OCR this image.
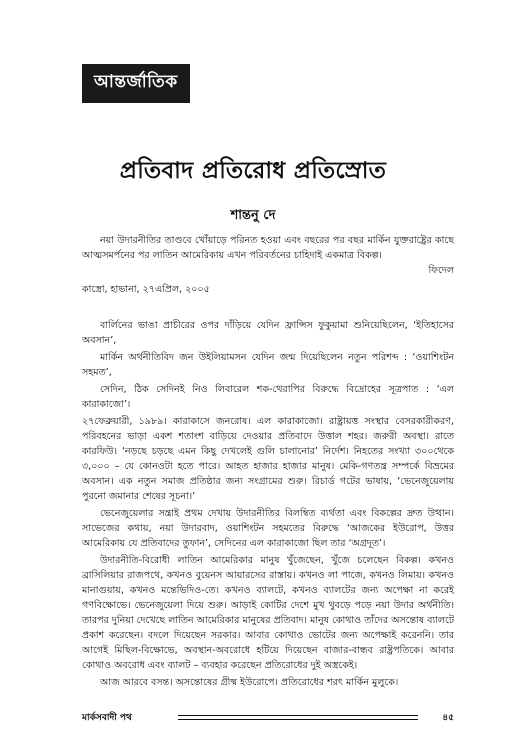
আন্তর্জাতিক
প্রতিবাদ প্রতিরোধ প্রতিস্রোত
শান্তনু দে

নয়া উদারনীতির তাণ্ডবে খোঁয়াড়ে পরিনত হওয়া এবং বছরের পর বছর মার্কিন যুক্তরাষ্ট্রের কাছে আত্মসমর্পনের পর লাতিন আমেরিকায় এখন পরিবর্তনের চাহিদাই একমাত্র বিকল্প।

ফিদেল

কাস্ত্রো, হাভানা, ২৭এপ্রিল, ২০০৫

বার্লিনের ভাঙা প্রাচীরের ওপর দাঁড়িয়ে যেদিন ফ্রান্সিস ফুকুয়ামা শুনিয়েছিলেন, ‘ইতিহাসের অবসান’,

মার্কিন অর্থনীতিবিদ জন উইলিয়ামসন যেদিন জন্ম দিয়েছিলেন নতুন পরিশব্দ : ‘ওয়াশিংটন সহমত’,

সেদিন, ঠিক সেদিনই নিও লিবারেল শক-থেরাপির বিরুদ্ধে বিদ্রোহের সূত্রপাত : ‘এল কারাকাজো’।

২৭ফেব্রুয়ারী, ১৯৮৯। কারাকাসে জনরোষ। এল কারাকাজো। রাষ্ট্রায়ত্ত সংস্থার বেসরকারীকরণ, পরিবহনের ভাড়া একশ শতাংশ বাড়িয়ে দেওয়ার প্রতিবাদে উত্তাল শহর। জরুরী অবস্থা। রাতে কারফিউ। ‘নড়ছে চড়ছে এমন কিছু দেখলেই গুলি চালানোর’ নির্দেশ। নিহতের সংখ্যা ৩০০থেকে ৩,০০০ – যে কোনওটা হতে পারে। আহত হাজার হাজার মানুষ। মেকি-গণতন্ত্র সম্পর্কে বিভ্রমের অবসান। এক নতুন সমাজ প্রতিষ্ঠার জন্য সংগ্রামের শুরু। রিচার্ড গটের ভাষায়, ‘ভেনেজুয়েলায় পুরনো জমানার শেষের সূচনা।’

ভেনেজুয়েলার সন্ত্রাই প্রথম দেখায় উদারনীতির বিলম্বিত ব্যর্থতা এবং বিকল্পের দ্রুত উত্থান। সাভেজের কথায়, নয়া উদারবাদ, ওয়াশিংটন সহমতের বিরুদ্ধে ‘আজকের ইউরোপ, উত্তর আমেরিকায় যে প্রতিবাদের তুফান’, সেদিনের এল কারাকাজো ছিল তার ‘অগ্রদূত’।

উদারনীতি-বিরোধী লাতিন আমেরিকার মানুষ খুঁজেছেন, খুঁজে চলেছেন বিকল্প। কখনও ব্রাসিলিয়ার রাজপথে, কখনও বুয়েনস আয়ারসের রাস্তায়। কখনও লা পাজে, কখনও লিমায়। কখনও মানাগুয়ায়, কখনও মন্তেভিদিও-তে। কখনও ব্যালটে, কখনও ব্যালটের জন্য অপেক্ষা না করেই গণবিক্ষোভে। ভেনেজুয়েলা দিয়ে শুরু। আড়াই কোটির দেশে মুখ থুবড়ে পড়ে নয়া উদার অর্থনীতি। তারপর দুনিয়া দেখেছে লাতিন আমেরিকার মানুষের প্রতিবাদ। মানুষ কোথাও তাঁদের অসন্তোষ ব্যালটে প্রকাশ করেছেন। বদলে দিয়েছেন সরকার। আবার কোথাও ভোটের জন্য অপেক্ষাই করেননি। তার আগেই মিছিল-বিক্ষোভে, অবস্থান-অবরোধে হটিয়ে দিয়েছেন বাজার-বান্ধব রাষ্ট্রপতিকে। আবার কোথাও অবরোধ এবং ব্যালট – ব্যবহার করেছেন প্রতিরোধের দুই অস্ত্রকেই।

আজ আরবে বসন্ত। অসন্তোষের গ্রীষ্ম ইউরোপে। প্রতিরোধের শরৎ মার্কিন মুলুকে।

মার্কসবাদী পথ	৪৫
